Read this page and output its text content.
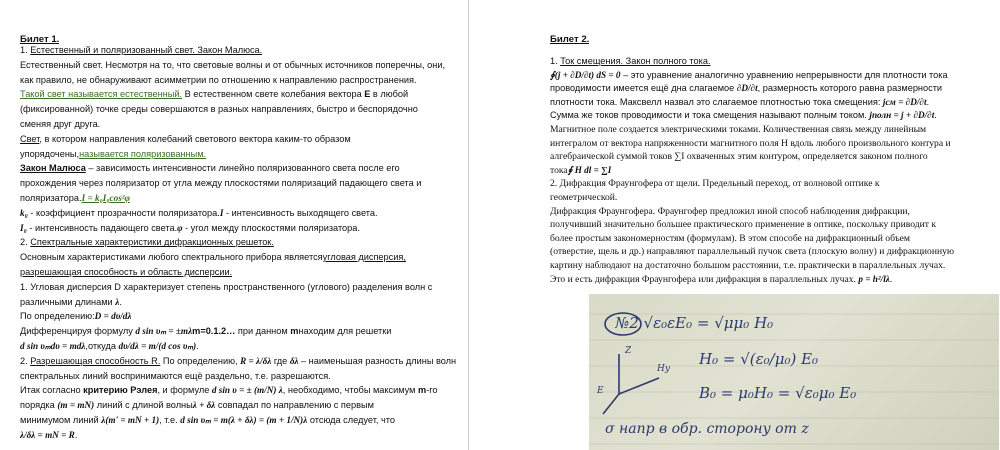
Билет 1.
1. Естественный и поляризованный свет. Закон Малюса.
Естественный свет. Несмотря на то, что световые волны и от обычных источников поперечны, они,
как правило, не обнаруживают асимметрии по отношению к направлению распространения.
Такой свет называется естественный. В естественном свете колебания вектора E в любой
(фиксированной) точке среды совершаются в разных направлениях, быстро и беспорядочно
сменяя друг друга.
Свет, в котором направления колебаний светового вектора каким-то образом
упорядочены,называется поляризованным.
Закон Малюса – зависимость интенсивности линейно поляризованного света после его
прохождения через поляризатор от угла между плоскостями поляризаций падающего света и
поляризатора.I = k₀I₀cos²φ
k₀ - коэффициент прозрачности поляризатора.I - интенсивность выходящего света.
I₀ - интенсивность падающего света.φ - угол между плоскостями поляризатора.
2. Спектральные характеристики дифракционных решеток.
Основным характеристиками любого спектрального прибора являетсяугловая дисперсия,
разрешающая способность и область дисперсии.
1. Угловая дисперсия D характеризует степень пространственного (углового) разделения волн с
различными длинами λ.
По определению:D = dυ/dλ
Дифференцируя формулу d sin υₘ = ±mλm=0.1.2… при данном mнаходим для решетки
d sin υₘdυ = mdλ,откуда dυ/dλ = m/(d cos υₘ).
2. Разрешающая способность R. По определению, R = λ/δλ где δλ – наименьшая разность длины волн
спектральных линий воспринимаются ещё раздельно, т.е. разрешаются.
Итак согласно критерию Рэлея, и формуле d sin υ = ± (m/N) λ, необходимо, чтобы максимум m-го
порядка (m = mN) линий с длиной волныλ + δλ совпадал по направлению с первым
минимумом линий λ(m' = mN + 1), т.е. d sin υₘ = m(λ + δλ) = (m + 1/N)λ отсюда следует, что
λ/δλ = mN = R.
Билет 2.
1. Ток смещения. Закон полного тока.
∮(j + ∂D/∂t) dS = 0 – это уравнение аналогично уравнению непрерывности для плотности тока
проводимости имеется ещё дна слагаемое ∂D/∂t, размерность которого равна размерности
плотности тока. Максвелл назвал это слагаемое плотностью тока смещения: jсм = ∂D/∂t.
Сумма же токов проводимости и тока смещения называют полным током. jполн = j + ∂D/∂t.
Магнитное поле создается электрическими токами. Количественная связь между линейным
интегралом от вектора напряженности магнитного поля H вдоль любого произвольного контура и
алгебраической суммой токов ∑I охваченных этим контуром, определяется законом полного
тока∮ H dl = ∑I
2. Дифракция Фраунгофера от щели. Предельный переход, от волновой оптике к
геометрической.
Дифракция Фраунгофера. Фраунгофер предложил иной способ наблюдения дифракции,
получивший значительно большее практического применение в оптике, поскольку приводит к
более простым закономерностям (формулам). В этом способе на дифракционный объем
(отверстие, щель и др.) направляют параллельный пучок света (плоскую волну) и дифракционную
картину наблюдают на достаточно большом расстоянии, т.е. практически в параллельных лучах.
Это и есть дифракция Фраунгофера или дифракция в параллельных лучах. p = h²/lλ.
№2 √ε₀εE₀ = √μμ₀ H₀
H₀ = √(ε₀/μ₀) E₀
B₀ = μ₀H₀ = √ε₀μ₀ E₀
σ напр в обр. сторону от z
Z
Hy
E
